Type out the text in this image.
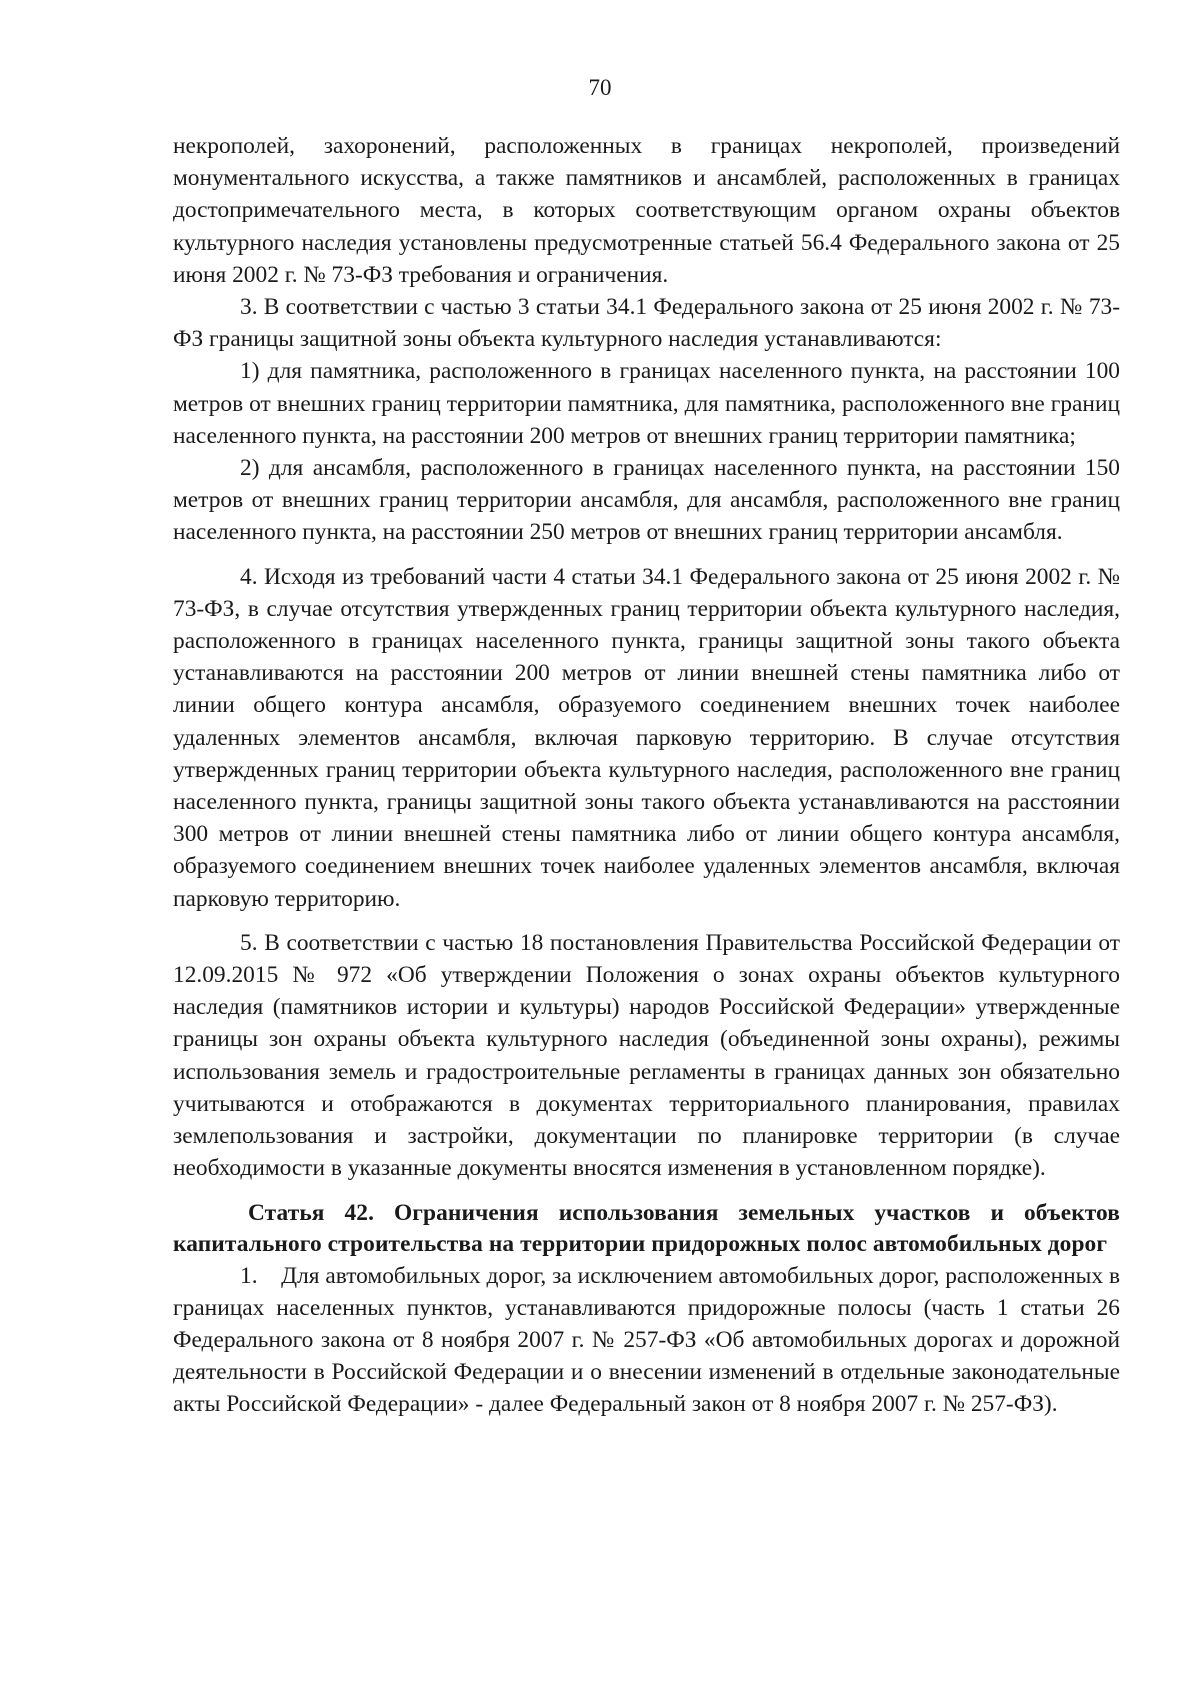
70

некрополей, захоронений, расположенных в границах некрополей, произведений монументального искусства, а также памятников и ансамблей, расположенных в границах достопримечательного места, в которых соответствующим органом охраны объектов культурного наследия установлены предусмотренные статьей 56.4 Федерального закона от 25 июня 2002 г. № 73-ФЗ требования и ограничения.

3. В соответствии с частью 3 статьи 34.1 Федерального закона от 25 июня 2002 г. № 73-ФЗ границы защитной зоны объекта культурного наследия устанавливаются:

1) для памятника, расположенного в границах населенного пункта, на расстоянии 100 метров от внешних границ территории памятника, для памятника, расположенного вне границ населенного пункта, на расстоянии 200 метров от внешних границ территории памятника;

2) для ансамбля, расположенного в границах населенного пункта, на расстоянии 150 метров от внешних границ территории ансамбля, для ансамбля, расположенного вне границ населенного пункта, на расстоянии 250 метров от внешних границ территории ансамбля.

4. Исходя из требований части 4 статьи 34.1 Федерального закона от 25 июня 2002 г. № 73-ФЗ, в случае отсутствия утвержденных границ территории объекта культурного наследия, расположенного в границах населенного пункта, границы защитной зоны такого объекта устанавливаются на расстоянии 200 метров от линии внешней стены памятника либо от линии общего контура ансамбля, образуемого соединением внешних точек наиболее удаленных элементов ансамбля, включая парковую территорию. В случае отсутствия утвержденных границ территории объекта культурного наследия, расположенного вне границ населенного пункта, границы защитной зоны такого объекта устанавливаются на расстоянии 300 метров от линии внешней стены памятника либо от линии общего контура ансамбля, образуемого соединением внешних точек наиболее удаленных элементов ансамбля, включая парковую территорию.

5. В соответствии с частью 18 постановления Правительства Российской Федерации от 12.09.2015 № 972 «Об утверждении Положения о зонах охраны объектов культурного наследия (памятников истории и культуры) народов Российской Федерации» утвержденные границы зон охраны объекта культурного наследия (объединенной зоны охраны), режимы использования земель и градостроительные регламенты в границах данных зон обязательно учитываются и отображаются в документах территориального планирования, правилах землепользования и застройки, документации по планировке территории (в случае необходимости в указанные документы вносятся изменения в установленном порядке).

Статья 42. Ограничения использования земельных участков и объектов капитального строительства на территории придорожных полос автомобильных дорог

1.    Для автомобильных дорог, за исключением автомобильных дорог, расположенных в границах населенных пунктов, устанавливаются придорожные полосы (часть 1 статьи 26 Федерального закона от 8 ноября 2007 г. № 257-ФЗ «Об автомобильных дорогах и дорожной деятельности в Российской Федерации и о внесении изменений в отдельные законодательные акты Российской Федерации» - далее Федеральный закон от 8 ноября 2007 г. № 257-ФЗ).
